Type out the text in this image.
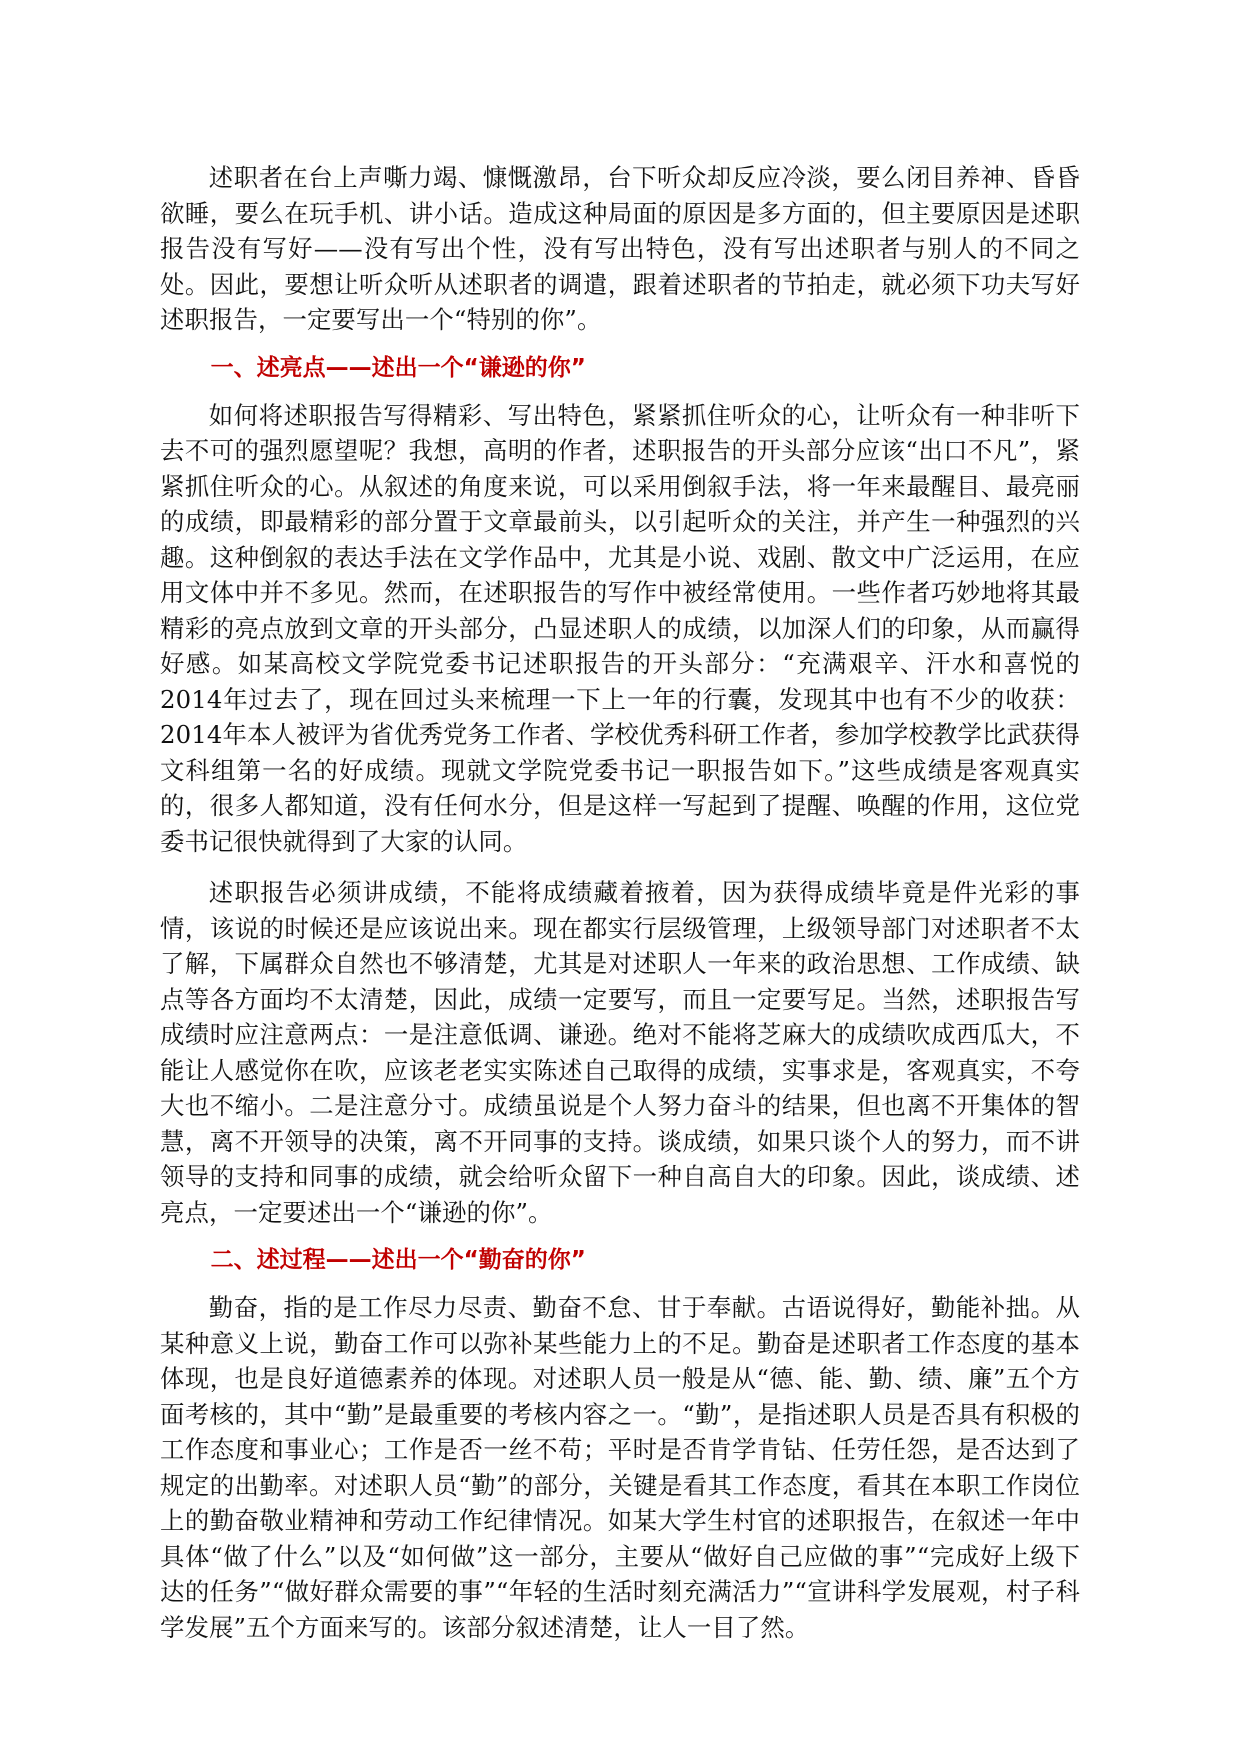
述职者在台上声嘶力竭、慷慨激昂，台下听众却反应冷淡，要么闭目养神、昏昏欲睡，要么在玩手机、讲小话。造成这种局面的原因是多方面的，但主要原因是述职报告没有写好——没有写出个性，没有写出特色，没有写出述职者与别人的不同之处。因此，要想让听众听从述职者的调遣，跟着述职者的节拍走，就必须下功夫写好述职报告，一定要写出一个“特别的你”。

一、述亮点——述出一个“谦逊的你”

如何将述职报告写得精彩、写出特色，紧紧抓住听众的心，让听众有一种非听下去不可的强烈愿望呢？我想，高明的作者，述职报告的开头部分应该“出口不凡”，紧紧抓住听众的心。从叙述的角度来说，可以采用倒叙手法，将一年来最醒目、最亮丽的成绩，即最精彩的部分置于文章最前头，以引起听众的关注，并产生一种强烈的兴趣。这种倒叙的表达手法在文学作品中，尤其是小说、戏剧、散文中广泛运用，在应用文体中并不多见。然而，在述职报告的写作中被经常使用。一些作者巧妙地将其最精彩的亮点放到文章的开头部分，凸显述职人的成绩，以加深人们的印象，从而赢得好感。如某高校文学院党委书记述职报告的开头部分：“充满艰辛、汗水和喜悦的2014年过去了，现在回过头来梳理一下上一年的行囊，发现其中也有不少的收获：2014年本人被评为省优秀党务工作者、学校优秀科研工作者，参加学校教学比武获得文科组第一名的好成绩。现就文学院党委书记一职报告如下。”这些成绩是客观真实的，很多人都知道，没有任何水分，但是这样一写起到了提醒、唤醒的作用，这位党委书记很快就得到了大家的认同。

述职报告必须讲成绩，不能将成绩藏着掖着，因为获得成绩毕竟是件光彩的事情，该说的时候还是应该说出来。现在都实行层级管理，上级领导部门对述职者不太了解，下属群众自然也不够清楚，尤其是对述职人一年来的政治思想、工作成绩、缺点等各方面均不太清楚，因此，成绩一定要写，而且一定要写足。当然，述职报告写成绩时应注意两点：一是注意低调、谦逊。绝对不能将芝麻大的成绩吹成西瓜大，不能让人感觉你在吹，应该老老实实陈述自己取得的成绩，实事求是，客观真实，不夸大也不缩小。二是注意分寸。成绩虽说是个人努力奋斗的结果，但也离不开集体的智慧，离不开领导的决策，离不开同事的支持。谈成绩，如果只谈个人的努力，而不讲领导的支持和同事的成绩，就会给听众留下一种自高自大的印象。因此，谈成绩、述亮点，一定要述出一个“谦逊的你”。

二、述过程——述出一个“勤奋的你”

勤奋，指的是工作尽力尽责、勤奋不怠、甘于奉献。古语说得好，勤能补拙。从某种意义上说，勤奋工作可以弥补某些能力上的不足。勤奋是述职者工作态度的基本体现，也是良好道德素养的体现。对述职人员一般是从“德、能、勤、绩、廉”五个方面考核的，其中“勤”是最重要的考核内容之一。“勤”，是指述职人员是否具有积极的工作态度和事业心；工作是否一丝不苟；平时是否肯学肯钻、任劳任怨，是否达到了规定的出勤率。对述职人员“勤”的部分，关键是看其工作态度，看其在本职工作岗位上的勤奋敬业精神和劳动工作纪律情况。如某大学生村官的述职报告，在叙述一年中具体“做了什么”以及“如何做”这一部分，主要从“做好自己应做的事”“完成好上级下达的任务”“做好群众需要的事”“年轻的生活时刻充满活力”“宣讲科学发展观，村子科学发展”五个方面来写的。该部分叙述清楚，让人一目了然。
